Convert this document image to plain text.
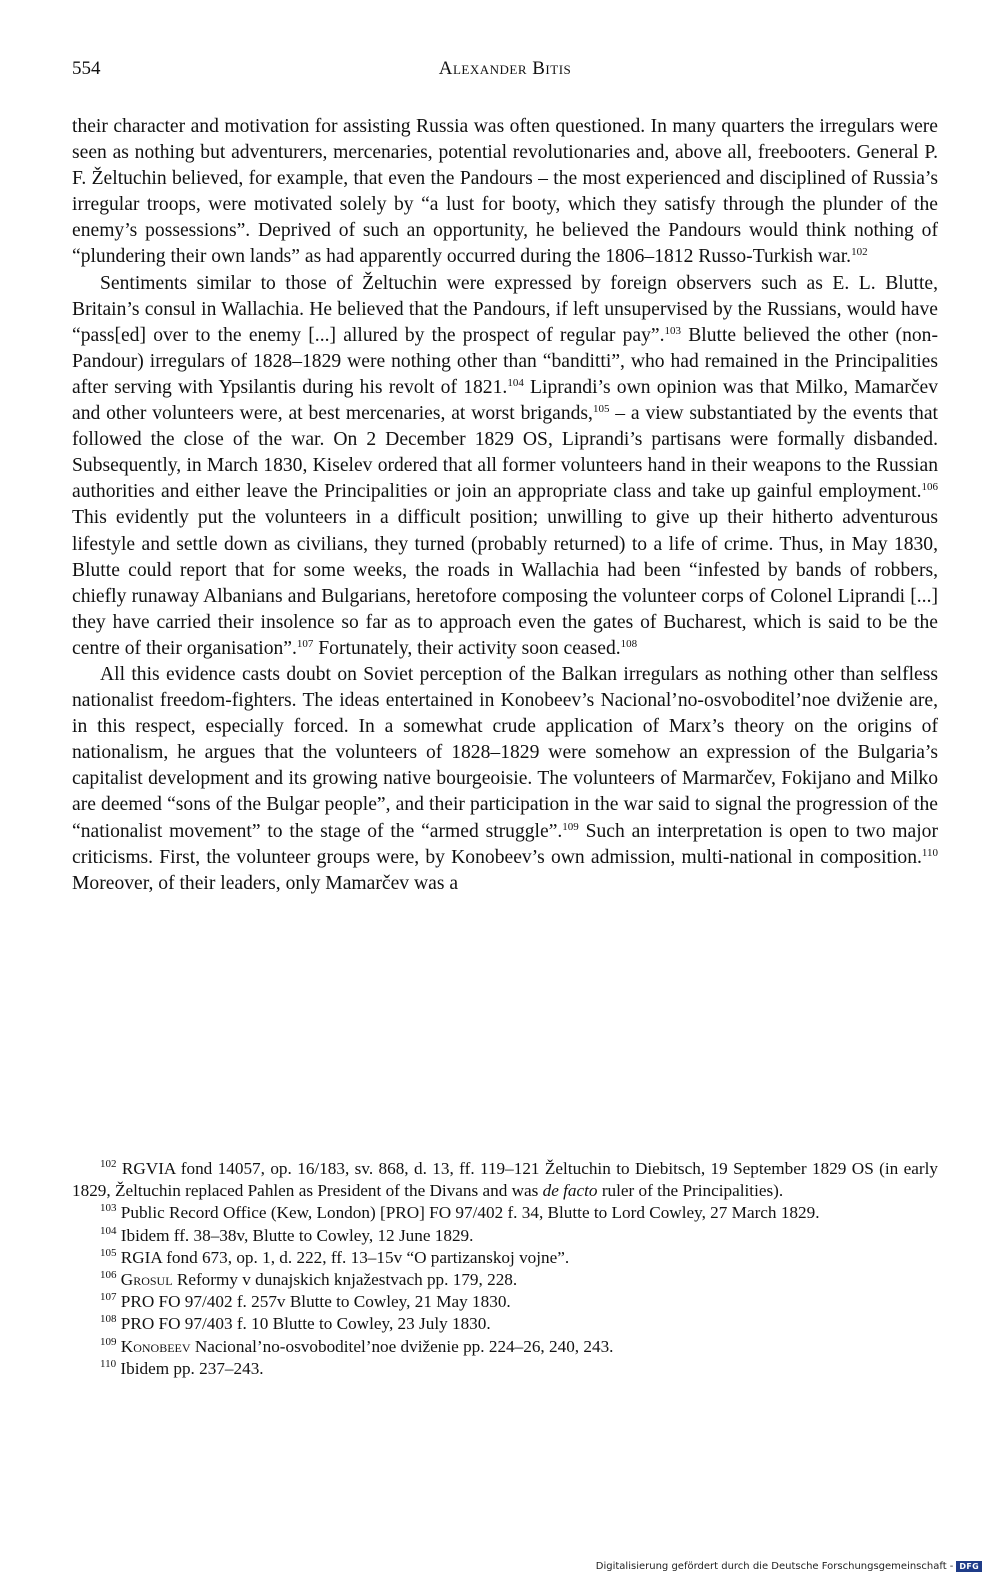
554	Alexander Bitis

their character and motivation for assisting Russia was often questioned. In many quarters the irregulars were seen as nothing but adventurers, mercenaries, potential revolutionaries and, above all, freebooters. General P. F. Želtuchin believed, for example, that even the Pandours – the most experienced and disciplined of Russia’s irregular troops, were motivated solely by “a lust for booty, which they satisfy through the plunder of the enemy’s possessions”. Deprived of such an opportunity, he believed the Pandours would think nothing of “plundering their own lands” as had apparently occurred during the 1806–1812 Russo-Turkish war.$^{102}$

Sentiments similar to those of Želtuchin were expressed by foreign observers such as E. L. Blutte, Britain’s consul in Wallachia. He believed that the Pandours, if left unsupervised by the Russians, would have “pass[ed] over to the enemy [...] allured by the prospect of regular pay”.$^{103}$ Blutte believed the other (non-Pandour) irregulars of 1828–1829 were nothing other than “banditti”, who had remained in the Principalities after serving with Ypsilantis during his revolt of 1821.$^{104}$ Liprandi’s own opinion was that Milko, Mamarčev and other volunteers were, at best mercenaries, at worst brigands,$^{105}$ – a view substantiated by the events that followed the close of the war. On 2 December 1829 OS, Liprandi’s partisans were formally disbanded. Subsequently, in March 1830, Kiselev ordered that all former volunteers hand in their weapons to the Russian authorities and either leave the Principalities or join an appropriate class and take up gainful employment.$^{106}$ This evidently put the volunteers in a difficult position; unwilling to give up their hitherto adventurous lifestyle and settle down as civilians, they turned (probably returned) to a life of crime. Thus, in May 1830, Blutte could report that for some weeks, the roads in Wallachia had been “infested by bands of robbers, chiefly runaway Albanians and Bulgarians, heretofore composing the volunteer corps of Colonel Liprandi [...] they have carried their insolence so far as to approach even the gates of Bucharest, which is said to be the centre of their organisation”.$^{107}$ Fortunately, their activity soon ceased.$^{108}$

All this evidence casts doubt on Soviet perception of the Balkan irregulars as nothing other than selfless nationalist freedom-fighters. The ideas entertained in Konobeev’s Nacional’no-osvoboditel’noe dviženie are, in this respect, especially forced. In a somewhat crude application of Marx’s theory on the origins of nationalism, he argues that the volunteers of 1828–1829 were somehow an expression of the Bulgaria’s capitalist development and its growing native bourgeoisie. The volunteers of Marmarčev, Fokijano and Milko are deemed “sons of the Bulgar people”, and their participation in the war said to signal the progression of the “nationalist movement” to the stage of the “armed struggle”.$^{109}$ Such an interpretation is open to two major criticisms. First, the volunteer groups were, by Konobeev’s own admission, multi-national in composition.$^{110}$ Moreover, of their leaders, only Mamarčev was a

$^{102}$ RGVIA fond 14057, op. 16/183, sv. 868, d. 13, ff. 119–121 Želtuchin to Diebitsch, 19 September 1829 OS (in early 1829, Želtuchin replaced Pahlen as President of the Divans and was de facto ruler of the Principalities).

$^{103}$ Public Record Office (Kew, London) [PRO] FO 97/402 f. 34, Blutte to Lord Cowley, 27 March 1829.

$^{104}$ Ibidem ff. 38–38v, Blutte to Cowley, 12 June 1829.

$^{105}$ RGIA fond 673, op. 1, d. 222, ff. 13–15v “O partizanskoj vojne”.

$^{106}$ Grosul Reformy v dunajskich knjažestvach pp. 179, 228.

$^{107}$ PRO FO 97/402 f. 257v Blutte to Cowley, 21 May 1830.

$^{108}$ PRO FO 97/403 f. 10 Blutte to Cowley, 23 July 1830.

$^{109}$ Konobeev Nacional’no-osvoboditel’noe dviženie pp. 224–26, 240, 243.

$^{110}$ Ibidem pp. 237–243.

Digitalisierung gefördert durch die Deutsche Forschungsgemeinschaft - DFG
